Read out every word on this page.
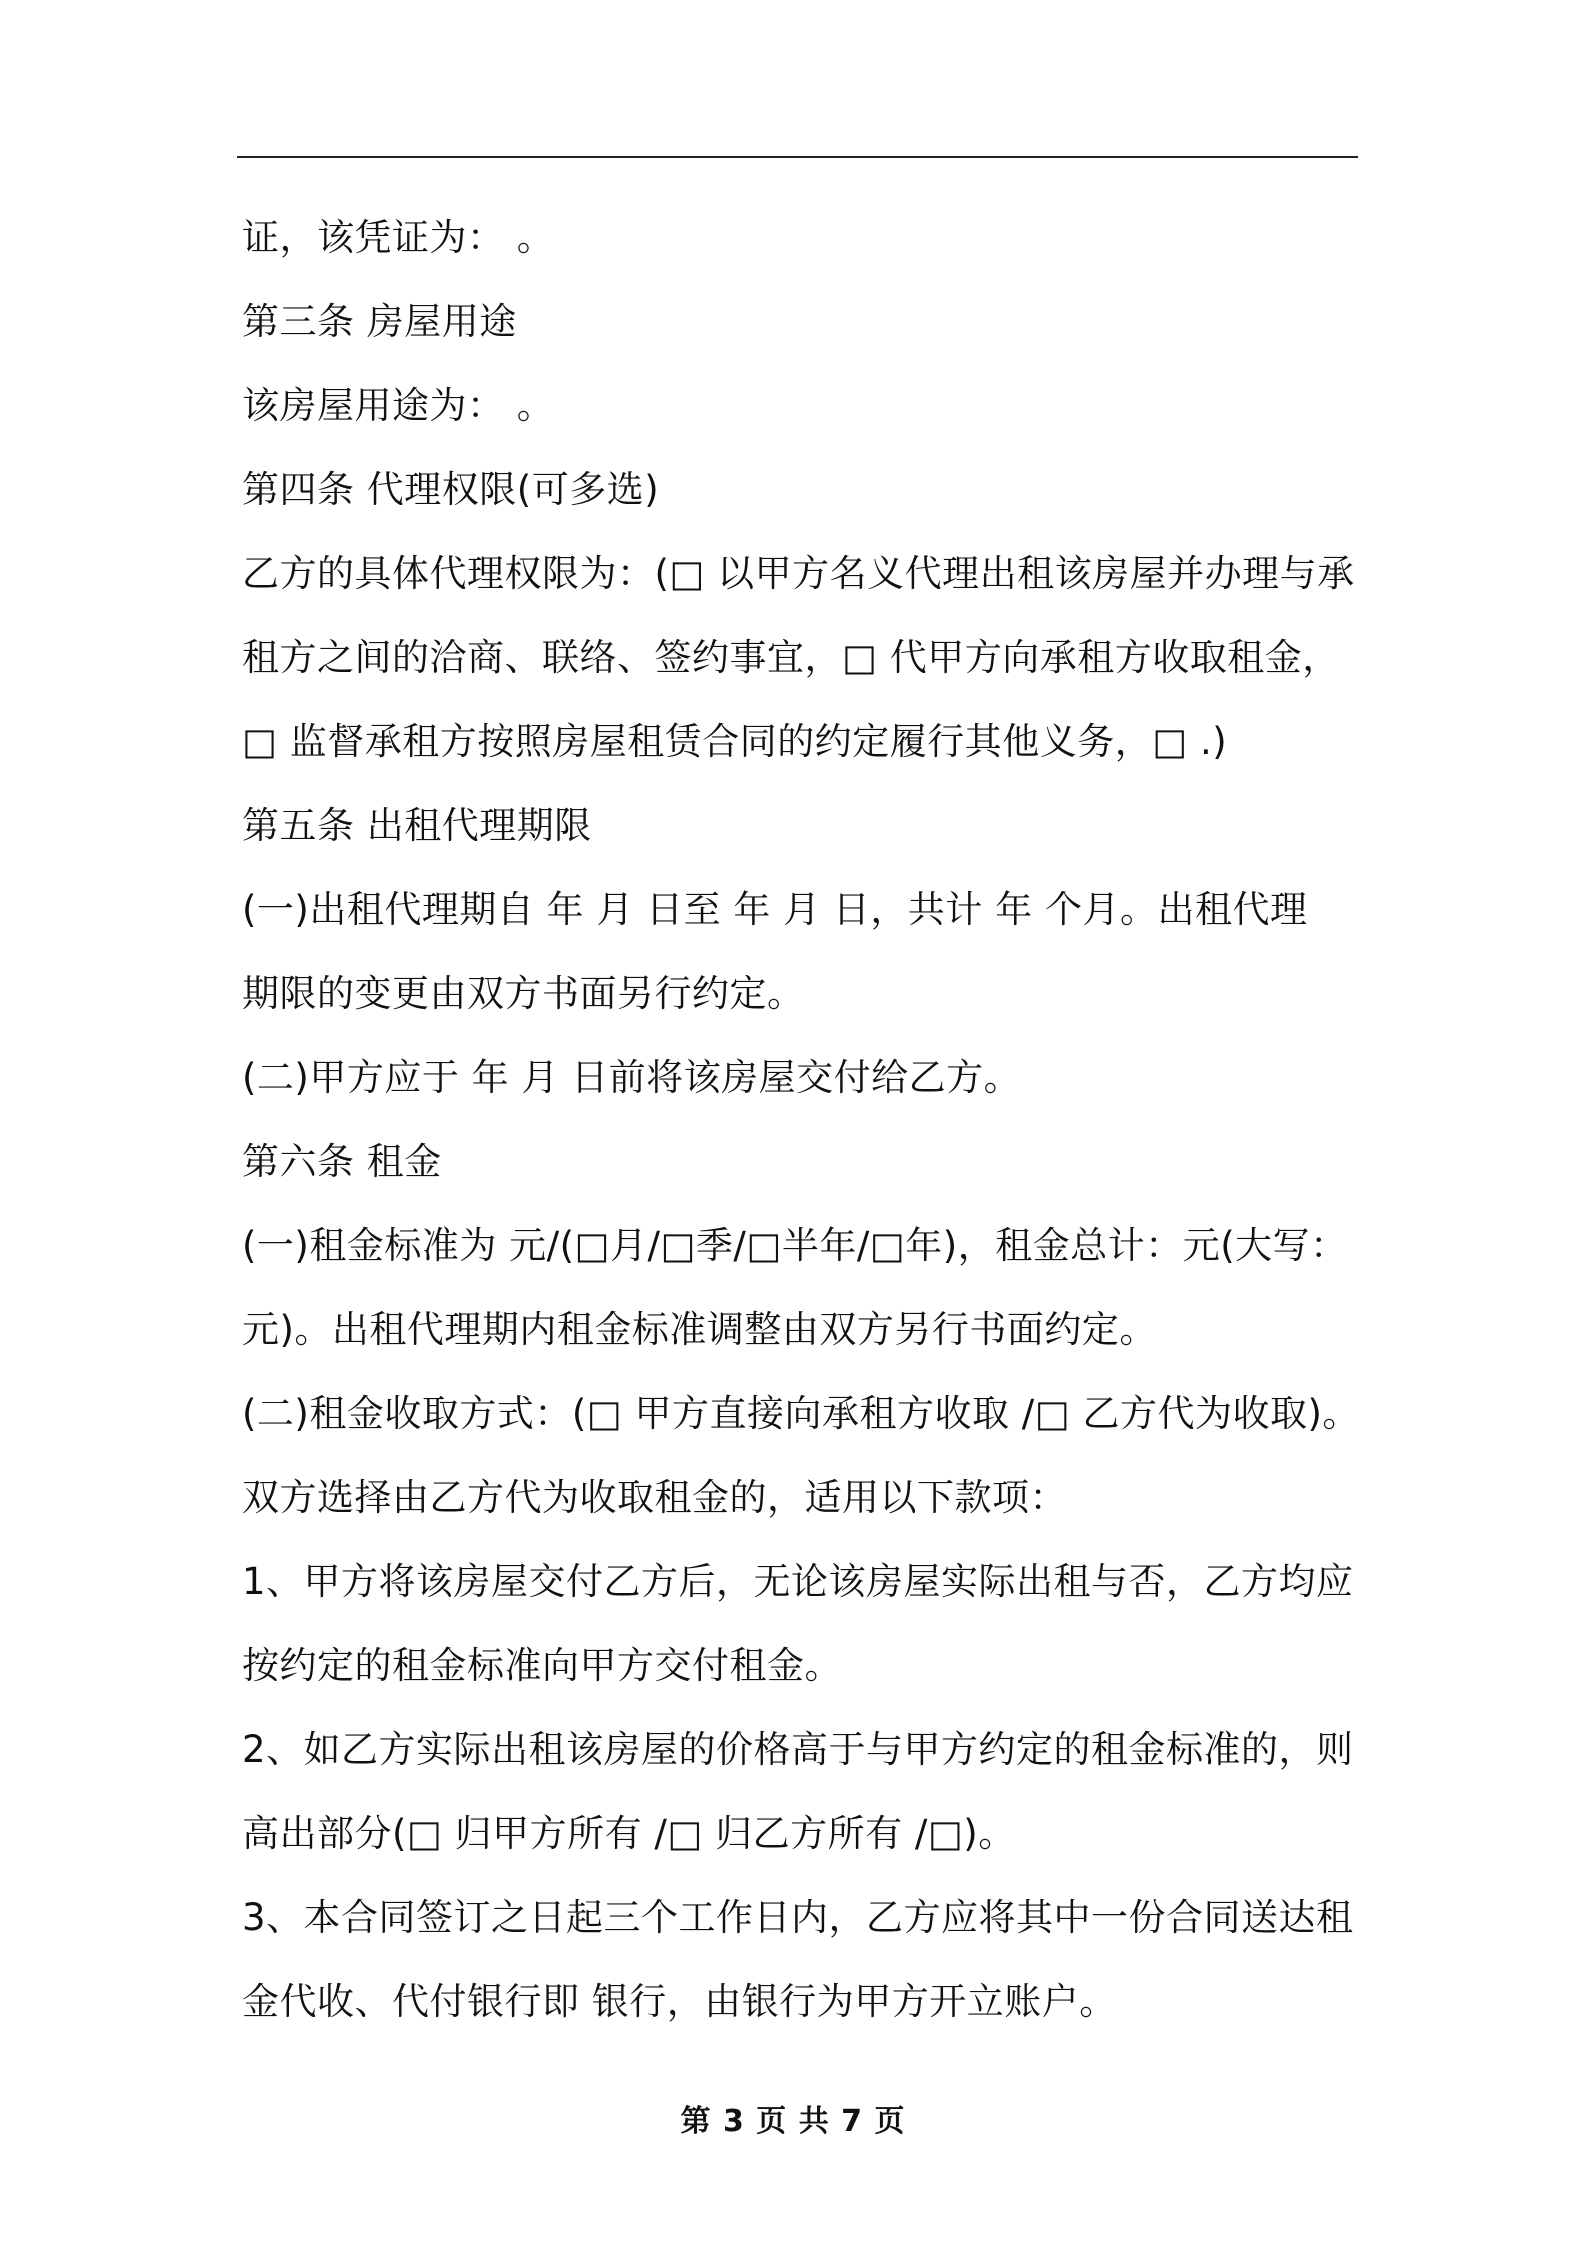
证，该凭证为： 。
第三条 房屋用途
该房屋用途为： 。
第四条 代理权限(可多选)
乙方的具体代理权限为：(□ 以甲方名义代理出租该房屋并办理与承
租方之间的洽商、联络、签约事宜，□ 代甲方向承租方收取租金，
□ 监督承租方按照房屋租赁合同的约定履行其他义务，□ .)
第五条 出租代理期限
(一)出租代理期自 年 月 日至 年 月 日，共计 年 个月。出租代理
期限的变更由双方书面另行约定。
(二)甲方应于 年 月 日前将该房屋交付给乙方。
第六条 租金
(一)租金标准为 元/(□月/□季/□半年/□年)，租金总计：元(大写：
元)。出租代理期内租金标准调整由双方另行书面约定。
(二)租金收取方式：(□ 甲方直接向承租方收取 /□ 乙方代为收取)。
双方选择由乙方代为收取租金的，适用以下款项：
1、甲方将该房屋交付乙方后，无论该房屋实际出租与否，乙方均应
按约定的租金标准向甲方交付租金。
2、如乙方实际出租该房屋的价格高于与甲方约定的租金标准的，则
高出部分(□ 归甲方所有 /□ 归乙方所有 /□)。
3、本合同签订之日起三个工作日内，乙方应将其中一份合同送达租
金代收、代付银行即 银行，由银行为甲方开立账户。
第 3 页 共 7 页
